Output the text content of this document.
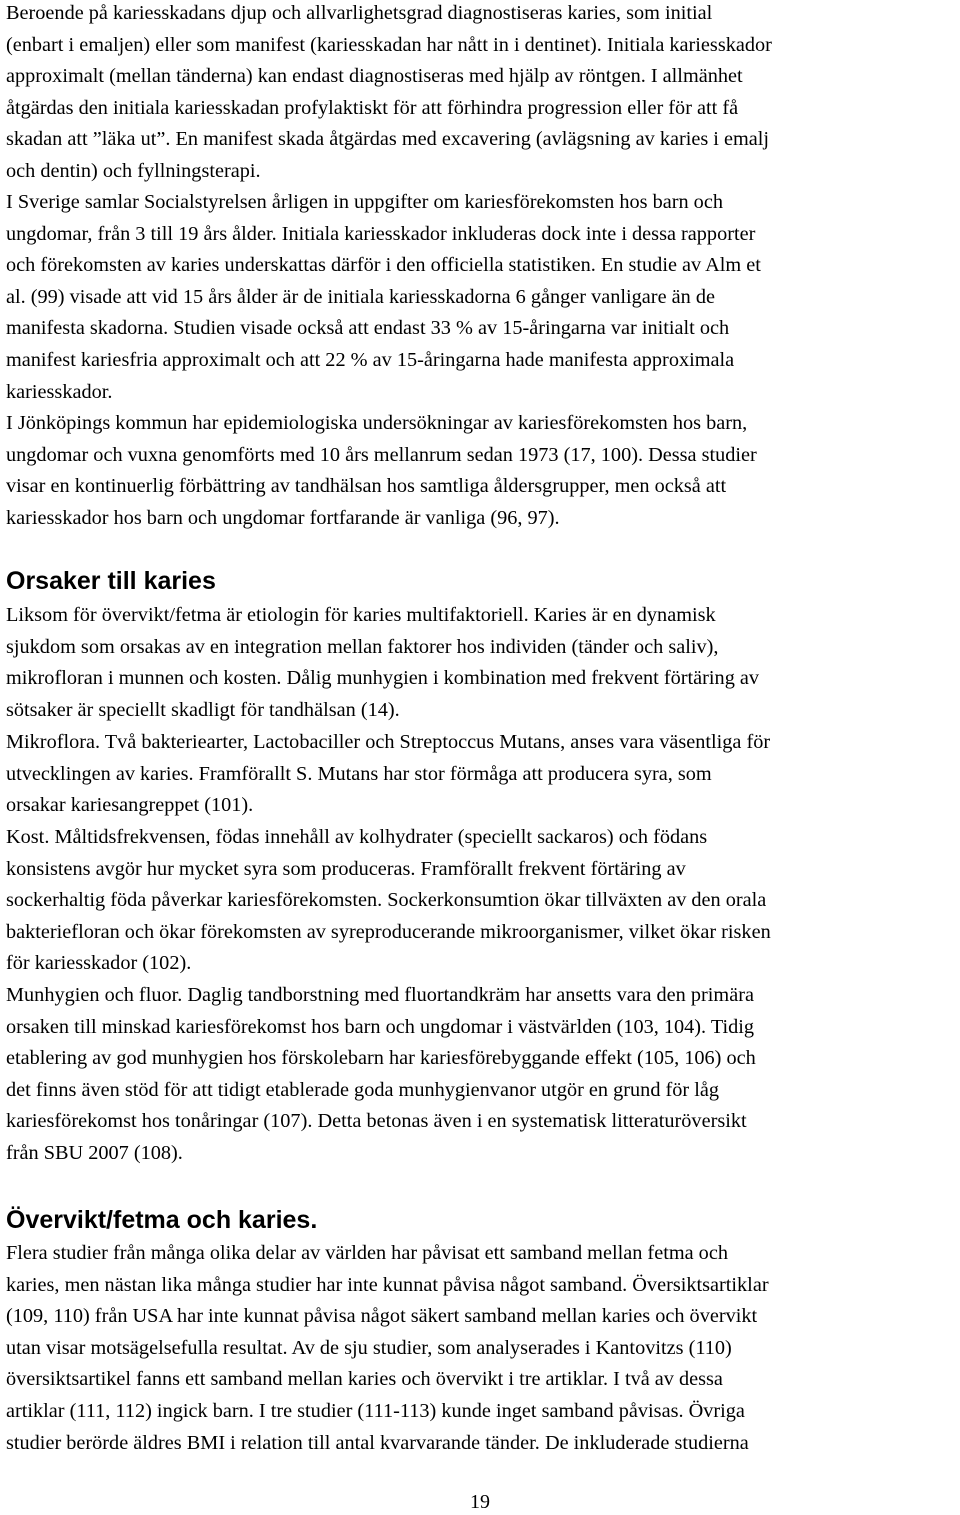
Beroende på kariesskadans djup och allvarlighetsgrad diagnostiseras karies, som initial
(enbart i emaljen) eller som manifest (kariesskadan har nått in i dentinet). Initiala kariesskador
approximalt (mellan tänderna) kan endast diagnostiseras med hjälp av röntgen. I allmänhet
åtgärdas den initiala kariesskadan profylaktiskt för att förhindra progression eller för att få
skadan att ”läka ut”. En manifest skada åtgärdas med excavering (avlägsning av karies i emalj
och dentin) och fyllningsterapi.
I Sverige samlar Socialstyrelsen årligen in uppgifter om kariesförekomsten hos barn och
ungdomar, från 3 till 19 års ålder. Initiala kariesskador inkluderas dock inte i dessa rapporter
och förekomsten av karies underskattas därför i den officiella statistiken. En studie av Alm et
al. (99) visade att vid 15 års ålder är de initiala kariesskadorna 6 gånger vanligare än de
manifesta skadorna. Studien visade också att endast 33 % av 15-åringarna var initialt och
manifest kariesfria approximalt och att 22 % av 15-åringarna hade manifesta approximala
kariesskador.
I Jönköpings kommun har epidemiologiska undersökningar av kariesförekomsten hos barn,
ungdomar och vuxna genomförts med 10 års mellanrum sedan 1973 (17, 100). Dessa studier
visar en kontinuerlig förbättring av tandhälsan hos samtliga åldersgrupper, men också att
kariesskador hos barn och ungdomar fortfarande är vanliga (96, 97).
Orsaker till karies
Liksom för övervikt/fetma är etiologin för karies multifaktoriell. Karies är en dynamisk
sjukdom som orsakas av en integration mellan faktorer hos individen (tänder och saliv),
mikrofloran i munnen och kosten. Dålig munhygien i kombination med frekvent förtäring av
sötsaker är speciellt skadligt för tandhälsan (14).
Mikroflora. Två bakteriearter, Lactobaciller och Streptoccus Mutans, anses vara väsentliga för
utvecklingen av karies. Framförallt S. Mutans har stor förmåga att producera syra, som
orsakar kariesangreppet (101).
Kost. Måltidsfrekvensen, födas innehåll av kolhydrater (speciellt sackaros) och födans
konsistens avgör hur mycket syra som produceras. Framförallt frekvent förtäring av
sockerhaltig föda påverkar kariesförekomsten. Sockerkonsumtion ökar tillväxten av den orala
bakteriefloran och ökar förekomsten av syreproducerande mikroorganismer, vilket ökar risken
för kariesskador (102).
Munhygien och fluor. Daglig tandborstning med fluortandkräm har ansetts vara den primära
orsaken till minskad kariesförekomst hos barn och ungdomar i västvärlden (103, 104). Tidig
etablering av god munhygien hos förskolebarn har kariesförebyggande effekt (105, 106) och
det finns även stöd för att tidigt etablerade goda munhygienvanor utgör en grund för låg
kariesförekomst hos tonåringar (107). Detta betonas även i en systematisk litteraturöversikt
från SBU 2007 (108).
Övervikt/fetma och karies.
Flera studier från många olika delar av världen har påvisat ett samband mellan fetma och
karies, men nästan lika många studier har inte kunnat påvisa något samband. Översiktsartiklar
(109, 110) från USA har inte kunnat påvisa något säkert samband mellan karies och övervikt
utan visar motsägelsefulla resultat. Av de sju studier, som analyserades i Kantovitzs (110)
översiktsartikel fanns ett samband mellan karies och övervikt i tre artiklar. I två av dessa
artiklar (111, 112) ingick barn. I tre studier (111-113) kunde inget samband påvisas. Övriga
studier berörde äldres BMI i relation till antal kvarvarande tänder. De inkluderade studierna
19
